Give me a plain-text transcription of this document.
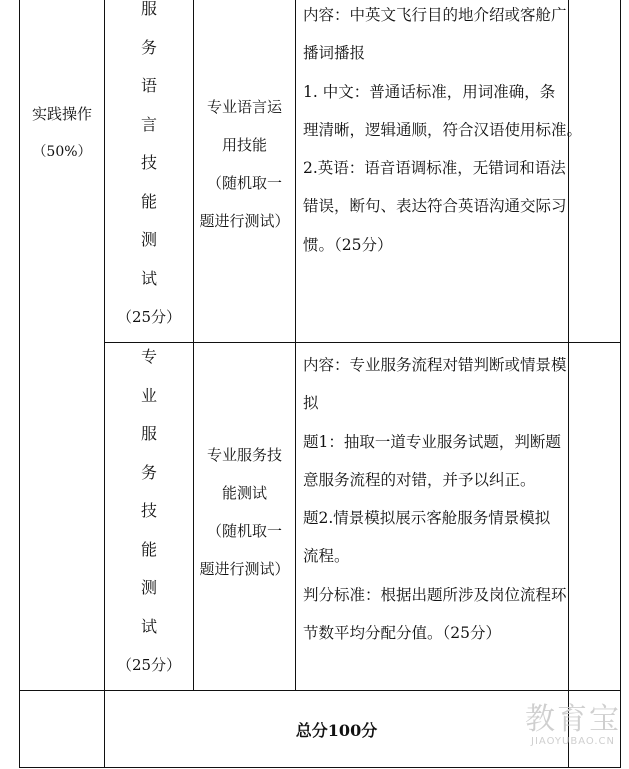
实践操作
（50%）
服
务
语
言
技
能
测
试
（25分）
专业语言运
用技能
（随机取一
题进行测试）
内容：中英文飞行目的地介绍或客舱广
播词播报
1. 中文：普通话标准，用词准确，条
理清晰，逻辑通顺，符合汉语使用标准。
2.英语：语音语调标准，无错词和语法
错误，断句、表达符合英语沟通交际习
惯。（25分）
专
业
服
务
技
能
测
试
（25分）
专业服务技
能测试
（随机取一
题进行测试）
内容：专业服务流程对错判断或情景模
拟
题1：抽取一道专业服务试题，判断题
意服务流程的对错，并予以纠正。
题2.情景模拟展示客舱服务情景模拟
流程。
判分标准：根据出题所涉及岗位流程环
节数平均分配分值。（25分）
总分100分	教育宝
JIAOYUBAO.CN
